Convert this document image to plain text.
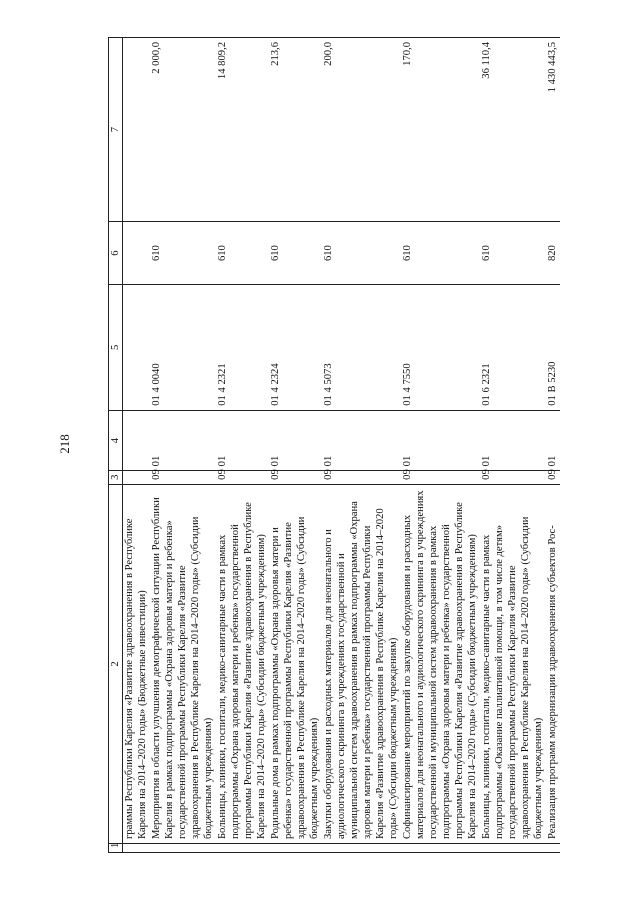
218
1	2	3	4	5	6	7
	граммы Республики Карелия «Развитие здравоохранения в Республике Карелия на 2014–2020 годы» (Бюджетные инвестиции)					
	Мероприятия в области улучшения демографической ситуации Республики Карелия в рамках подпрограммы «Охрана здоровья матери и ребенка» государственной программы Республики Карелия «Развитие здравоохранения в Республике Карелия на 2014–2020 годы» (Субсидии бюджетным учреждениям)	09	01	01 4 0040	610	2 000,0
	Больницы, клиники, госпитали, медико-санитарные части в рамках подпрограммы «Охрана здоровья матери и ребенка» государственной программы Республики Карелия «Развитие здравоохранения в Республике Карелия на 2014–2020 годы» (Субсидии бюджетным учреждениям)	09	01	01 4 2321	610	14 809,2
	Родильные дома в рамках подпрограммы «Охрана здоровья матери и ребенка» государственной программы Республики Карелия «Развитие здравоохранения в Республике Карелия на 2014–2020 годы» (Субсидии бюджетным учреждениям)	09	01	01 4 2324	610	213,6
	Закупки оборудования и расходных материалов для неонатального и аудиологического скрининга в учреждениях государственной и муниципальной систем здравоохранения в рамках подпрограммы «Охрана здоровья матери и ребенка» государственной программы Республики Карелия «Развитие здравоохранения в Республике Карелия на 2014–2020 годы» (Субсидии бюджетным учреждениям)	09	01	01 4 5073	610	200,0
	Софинансирование мероприятий по закупке оборудования и расходных материалов для неонатального и аудиологического скрининга в учреждениях государственной и муниципальной систем здравоохранения в рамках подпрограммы «Охрана здоровья матери и ребенка» государственной программы Республики Карелия «Развитие здравоохранения в Республике Карелия на 2014–2020 годы» (Субсидии бюджетным учреждениям)	09	01	01 4 7550	610	170,0
	Больницы, клиники, госпитали, медико-санитарные части в рамках подпрограммы «Оказание паллиативной помощи, в том числе детям» государственной программы Республики Карелия «Развитие здравоохранения в Республике Карелия на 2014–2020 годы» (Субсидии бюджетным учреждениям)	09	01	01 6 2321	610	36 110,4
	Реализация программ модернизации здравоохранения субъектов Рос-	09	01	01 В 5230	820	1 430 443,5
